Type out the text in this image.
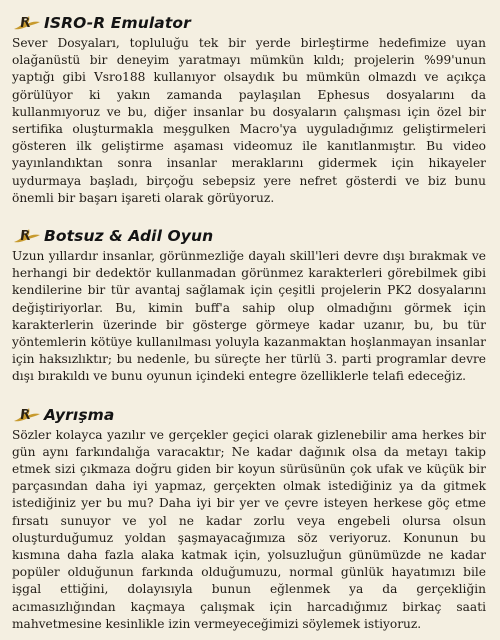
ISRO-R Emulator

Sever Dosyaları, topluluğu tek bir yerde birleştirme hedefimize uyan olağanüstü bir deneyim yaratmayı mümkün kıldı; projelerin %99'unun yaptığı gibi Vsro188 kullanıyor olsaydık bu mümkün olmazdı ve açıkça görülüyor ki yakın zamanda paylaşılan Ephesus dosyalarını da kullanmıyoruz ve bu, diğer insanlar bu dosyaların çalışması için özel bir sertifika oluşturmakla meşgulken Macro'ya uyguladığımız geliştirmeleri gösteren ilk geliştirme aşaması videomuz ile kanıtlanmıştır. Bu video yayınlandıktan sonra insanlar meraklarını gidermek için hikayeler uydurmaya başladı, birçoğu sebepsiz yere nefret gösterdi ve biz bunu önemli bir başarı işareti olarak görüyoruz.

Botsuz & Adil Oyun

Uzun yıllardır insanlar, görünmezliğe dayalı skill'leri devre dışı bırakmak ve herhangi bir dedektör kullanmadan görünmez karakterleri görebilmek gibi kendilerine bir tür avantaj sağlamak için çeşitli projelerin PK2 dosyalarını değiştiriyorlar. Bu, kimin buff'a sahip olup olmadığını görmek için karakterlerin üzerinde bir gösterge görmeye kadar uzanır, bu, bu tür yöntemlerin kötüye kullanılması yoluyla kazanmaktan hoşlanmayan insanlar için haksızlıktır; bu nedenle, bu süreçte her türlü 3. parti programlar devre dışı bırakıldı ve bunu oyunun içindeki entegre özelliklerle telafi edeceğiz.

Ayrışma

Sözler kolayca yazılır ve gerçekler geçici olarak gizlenebilir ama herkes bir gün aynı farkındalığa varacaktır; Ne kadar dağınık olsa da metayı takip etmek sizi çıkmaza doğru giden bir koyun sürüsünün çok ufak ve küçük bir parçasından daha iyi yapmaz, gerçekten olmak istediğiniz ya da gitmek istediğiniz yer bu mu? Daha iyi bir yer ve çevre isteyen herkese göç etme fırsatı sunuyor ve yol ne kadar zorlu veya engebeli olursa olsun oluşturduğumuz yoldan şaşmayacağımıza söz veriyoruz. Konunun bu kısmına daha fazla alaka katmak için, yolsuzluğun günümüzde ne kadar popüler olduğunun farkında olduğumuzu, normal günlük hayatımızı bile işgal ettiğini, dolayısıyla bunun eğlenmek ya da gerçekliğin acımasızlığından kaçmaya çalışmak için harcadığımız birkaç saati mahvetmesine kesinlikle izin vermeyeceğimizi söylemek istiyoruz.
